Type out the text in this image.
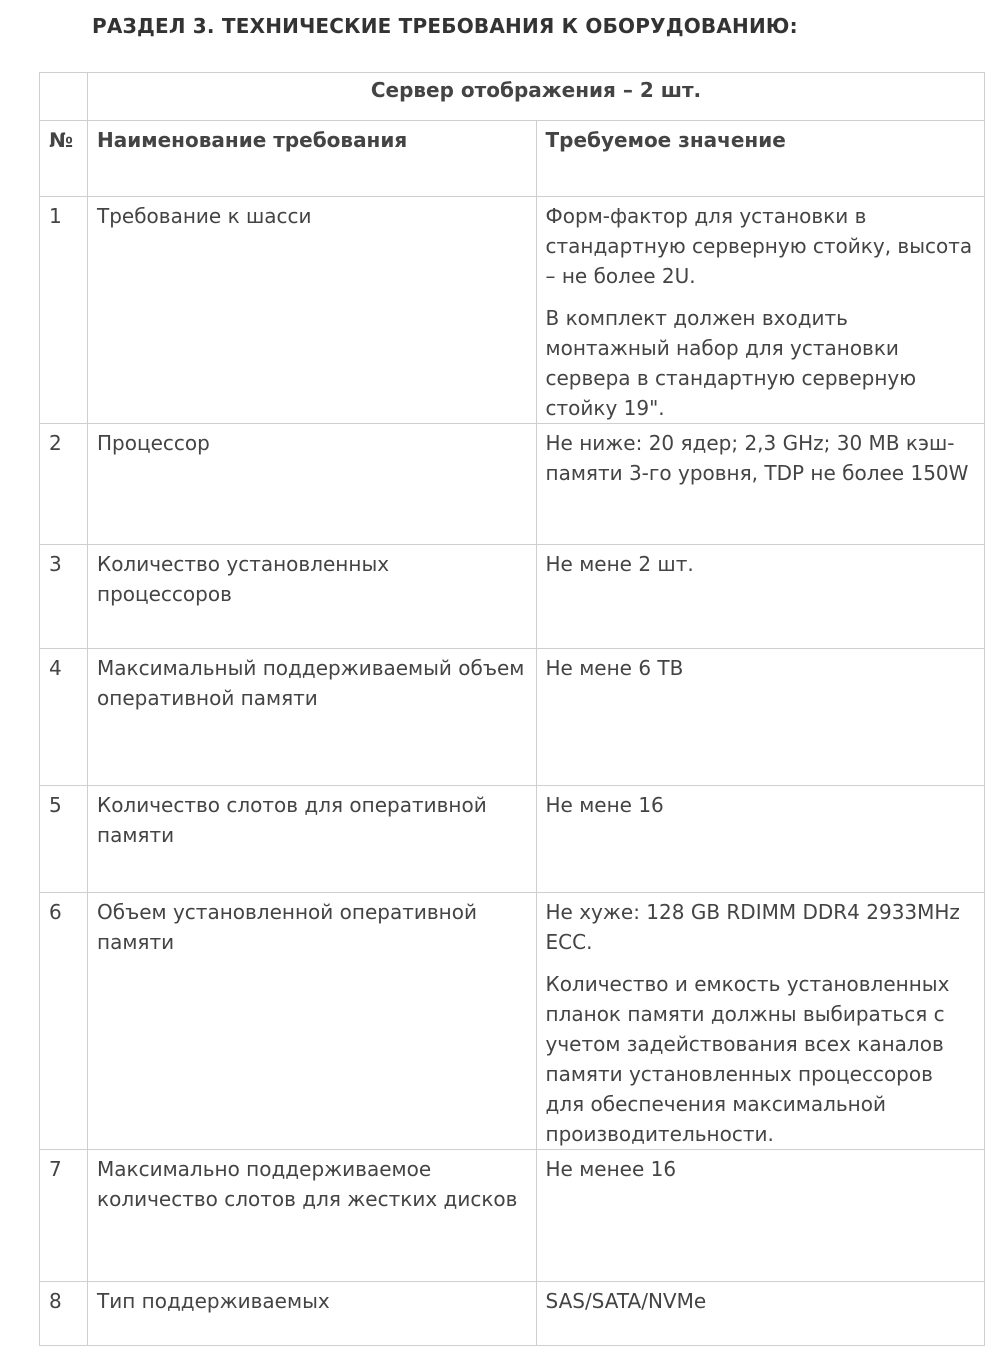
РАЗДЕЛ 3. ТЕХНИЧЕСКИЕ ТРЕБОВАНИЯ К ОБОРУДОВАНИЮ:
	Сервер отображения – 2 шт.	
№	Наименование требования	Требуемое значение
1	Требование к шасси	Форм-фактор для установки в стандартную серверную стойку, высота – не более 2U.

В комплект должен входить монтажный набор для установки сервера в стандартную серверную стойку 19".

2	Процессор	Не ниже: 20 ядер; 2,3 GHz; 30 MB кэш-памяти 3-го уровня, TDP не более 150W

3	Количество установленных процессоров	Не мене 2 шт.

4	Максимальный поддерживаемый объем оперативной памяти	Не мене 6 ТВ

5	Количество слотов для оперативной памяти	Не мене 16

6	Объем установленной оперативной памяти	Не хуже: 128 GB RDIMM DDR4 2933MHz ECC.

Количество и емкость установленных планок памяти должны выбираться с учетом задействования всех каналов памяти установленных процессоров для обеспечения максимальной производительности.

7	Максимально поддерживаемое количество слотов для жестких дисков	Не менее 16

8	Тип поддерживаемых	SAS/SATA/NVMe
